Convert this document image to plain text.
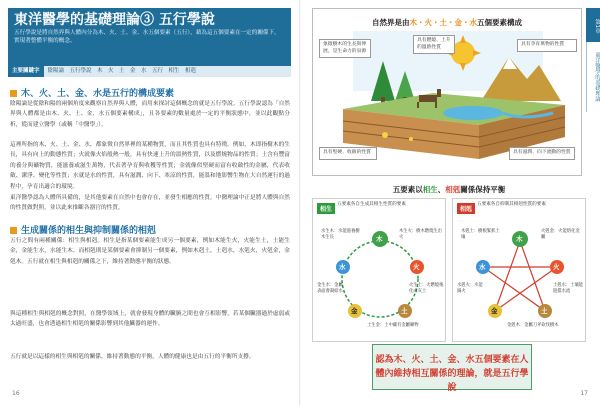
東洋醫學的基礎理論③ 五行學說
五行學說是將自然界與人體內分為木、火、土、金、水五個要素（五行），藉為這五個要素在一定的關係下，實現著整體平衡的概念。
主要關鍵字	陰陽論　五行學說　木　火　土　金　水　五行　相生　相剋
木、火、土、金、水是五行的構成要素
陰陽論是從陰和陽的兩個角度來觀察自然界與人體，而用來探討這個概念的就是五行學說。五行學說認為「自然界與人體都是由木、火、土、金、水五個要素構成」，且各要素的數量處於一定的平衡狀態中，並以此觀點分析，從而建立醫學（或稱「中醫學」）。
這裡所指的木、火、土、金、水，都象徵自然界裡的某種物質，而且其性質也具有特徵。例如，木即指樹木的生長，具有向上的動態性質；火就像火焰般熱一般，具有快速上升的溫熱性質，以及燃燒物品的性質；土含有豐富的養分與礦物質，能滋養或滋生萬物，代表著孕育與收穫等性質；金就像似堅硬而富有收斂性的金屬，代表收斂、潔淨、變化等性質；水就是水的性質，具有滋潤、向下、寒涼的性質，能溫和地影響生物在大自然運行的過程中，孕育出適合的環境。
東洋醫學認為人體所具備的，是其他要素在自然中也會存在，並發生相應的性質。中醫理論中正是將人體與自然的性質做對照，並以此來推斷各器官的性質。
生成關係的相生與抑制關係的相剋
五行之間有兩種關係：相生與相剋。相生是指某個要素能生成另一個要素，例如木能生火，火能生土，土能生金，金能生水，水能生木。而相剋則是某個要素會抑制另一個要素，例如木剋土，土剋水，水剋火，火剋金，金剋木。五行就在相生與相剋的關係之下，維持著動態平衡的狀態。
與這種相生與相剋的概念對照，在醫學領域上，就會發現身體的臟腑之間也會互相影響，若某個臟器過於虛弱或太過旺盛，也會透過相生相剋的關係影響到其他臟器的運作。
五行就是以這樣的相生與相剋的關係，維持著動態的平衡，人體的健康也是由五行的平衡所支撐。
16
自然界是由木・火・土・金・水五個要素構成
象徵樹木的生長與伸展，是生命力的泉源
具有燃燒、上升的溫熱性質
具有孕育萬物的性質
具有堅硬、收斂的性質	具有滋潤、向下流動的性質
第1章
東洋醫學的基礎理論
五要素以相生、相剋關係保持平衡
相生
五要素各自生成其相生性質的要素
木
火
土
金
水
水生木：水能滋養樹木生長
木生火：樹木燃燒生出火
火生土：火燃燒後化成灰土
土生金：土中藏有金屬礦物
金生水：金屬表面會凝結水
相剋
五要素各自抑制其相剋性質的要素
木
火
土
金
水
木剋土：樹根緊抓土壤
火剋金：火能熔化金屬
水剋火：水能滅火
土剋水：土壤能阻擋水流
金剋木：金屬刀斧砍伐樹木
認為木、火、土、金、水五個要素在人體內維持相互關係的理論，就是五行學說
17
